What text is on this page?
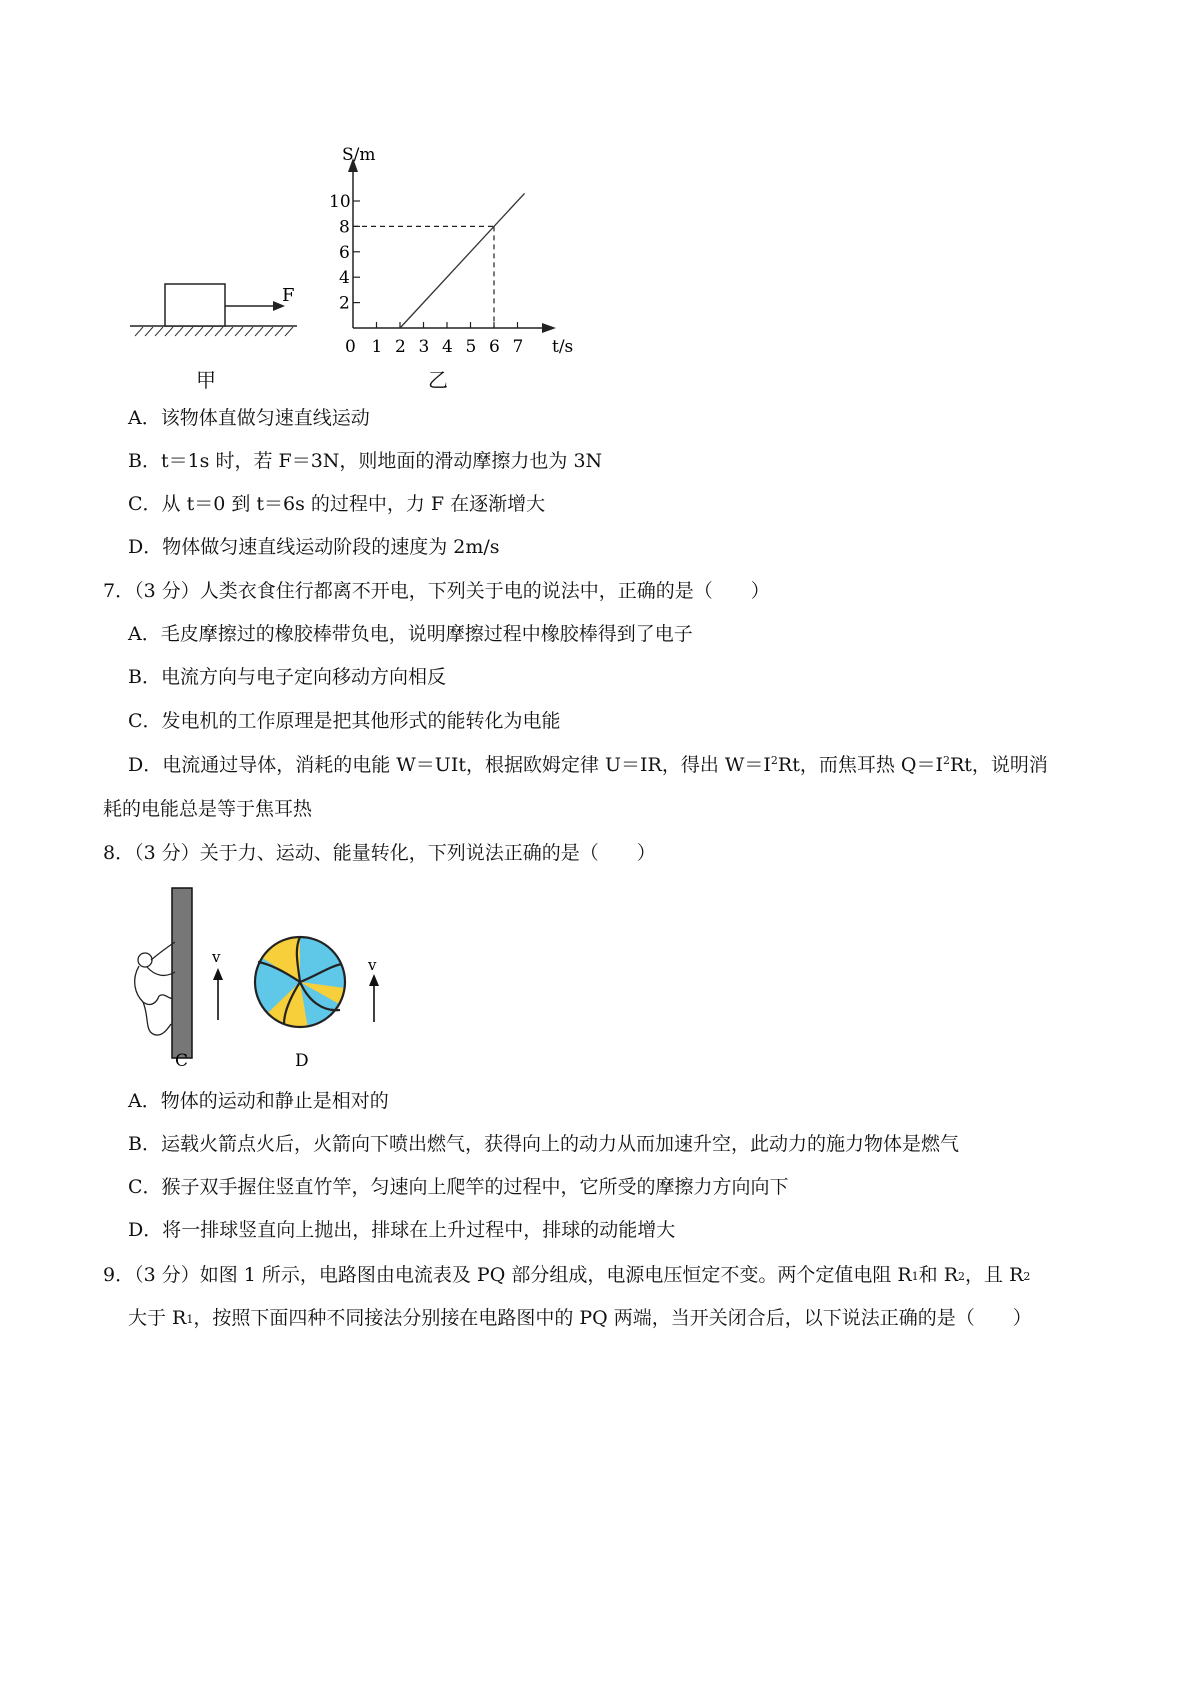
F
甲
S/m
t/s
0 1 2 3 4 5 6 7
2
4
6
8
10
乙
A．该物体直做匀速直线运动
B．t＝1s 时，若 F＝3N，则地面的滑动摩擦力也为 3N
C．从 t＝0 到 t＝6s 的过程中，力 F 在逐渐增大
D．物体做匀速直线运动阶段的速度为 2m/s
7．（3 分）人类衣食住行都离不开电，下列关于电的说法中，正确的是（　　）
A．毛皮摩擦过的橡胶棒带负电，说明摩擦过程中橡胶棒得到了电子
B．电流方向与电子定向移动方向相反
C．发电机的工作原理是把其他形式的能转化为电能
D．电流通过导体，消耗的电能 W＝UIt，根据欧姆定律 U＝IR，得出 $W=I^2Rt$，而焦耳热 $Q=I^2Rt$，说明消
耗的电能总是等于焦耳热
8．（3 分）关于力、运动、能量转化，下列说法正确的是（　　）
C
v
D
v
A．物体的运动和静止是相对的
B．运载火箭点火后，火箭向下喷出燃气，获得向上的动力从而加速升空，此动力的施力物体是燃气
C．猴子双手握住竖直竹竿，匀速向上爬竿的过程中，它所受的摩擦力方向向下
D．将一排球竖直向上抛出，排球在上升过程中，排球的动能增大
9．（3 分）如图 1 所示，电路图由电流表及 PQ 部分组成，电源电压恒定不变。两个定值电阻 $R_1$和 $R_2$，且 $R_2$
大于 $R_1$，按照下面四种不同接法分别接在电路图中的 PQ 两端，当开关闭合后，以下说法正确的是（　　）
